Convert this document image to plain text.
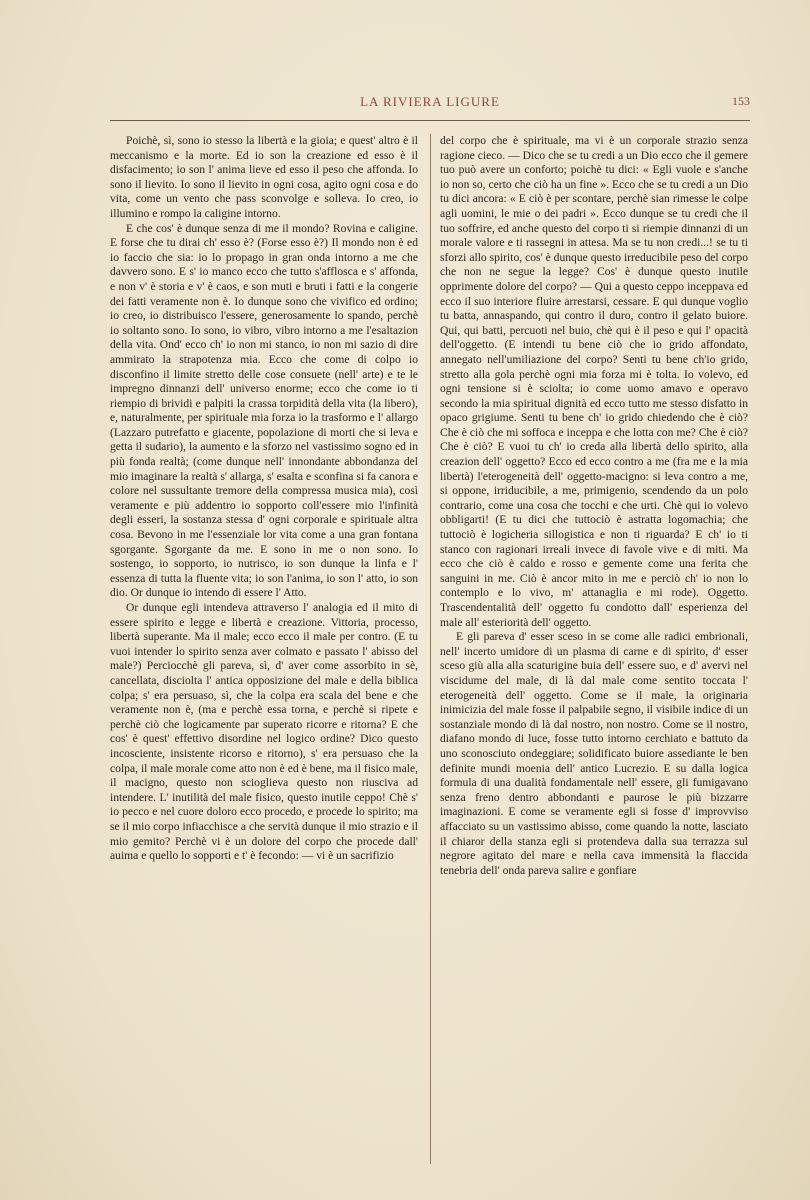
LA RIVIERA LIGURE	153

Poichè, sì, sono io stesso la libertà e la gioia; e quest' altro è il meccanismo e la morte. Ed io son la creazione ed esso è il disfacimento; io son l' anima lieve ed esso il peso che affonda. Io sono il lievito. Io sono il lievito in ogni cosa, agito ogni cosa e do vita, come un vento che pass sconvolge e solleva. Io creo, io illumino e rompo la caligine intorno.

E che cos' è dunque senza di me il mondo? Rovina e caligine. E forse che tu dirai ch' esso è? (Forse esso è?) Il mondo non è ed io faccio che sia: io lo propago in gran onda intorno a me che davvero sono. E s' io manco ecco che tutto s'afflosca e s' affonda, e non v' è storia e v' è caos, e son muti e bruti i fatti e la congerie dei fatti veramente non è. Io dunque sono che vivifico ed ordino; io creo, io distribuisco l'essere, generosamente lo spando, perchè io soltanto sono. Io sono, io vibro, vibro intorno a me l'esaltazion della vita. Ond' ecco ch' io non mi stanco, io non mi sazio di dire ammirato la strapotenza mia. Ecco che come di colpo io disconfino il limite stretto delle cose consuete (nell' arte) e te le impregno dinnanzi dell' universo enorme; ecco che come io ti riempio di brividi e palpiti la crassa torpidità della vita (la libero), e, naturalmente, per spirituale mia forza io la trasformo e l' allargo (Lazzaro putrefatto e giacente, popolazione di morti che si leva e getta il sudario), la aumento e la sforzo nel vastissimo sogno ed in più fonda realtà; (come dunque nell' innondante abbondanza del mio imaginare la realtà s' allarga, s' esalta e sconfina si fa canora e colore nel sussultante tremore della compressa musica mia), così veramente e più addentro io sopporto coll'essere mio l'infinità degli esseri, la sostanza stessa d' ogni corporale e spirituale altra cosa. Bevono in me l'essenziale lor vita come a una gran fontana sgorgante. Sgorgante da me. E sono in me o non sono. Io sostengo, io sopporto, io nutrisco, io son dunque la linfa e l' essenza di tutta la fluente vita; io son l'anima, io son l' atto, io son dio. Or dunque io intendo di essere l' Atto.

Or dunque egli intendeva attraverso l' analogia ed il mito di essere spirito e legge e libertà e creazione. Vittoria, processo, libertà superante. Ma il male; ecco ecco il male per contro. (E tu vuoi intender lo spirito senza aver colmato e passato l' abisso del male?) Perciocchè gli pareva, sì, d' aver come assorbito in sè, cancellata, disciolta l' antica opposizione del male e della biblica colpa; s' era persuaso, sì, che la colpa era scala del bene e che veramente non è, (ma e perchè essa torna, e perchè si ripete e perchè ciò che logicamente par superato ricorre e ritorna? E che cos' è quest' effettivo disordine nel logico ordine? Dico questo incosciente, insistente ricorso e ritorno), s' era persuaso che la colpa, il male morale come atto non è ed è bene, ma il fisico male, il macigno, questo non scioglieva questo non riusciva ad intendere. L' inutilità del male fisico, questo inutile ceppo! Chè s' io pecco e nel cuore doloro ecco procedo, e procede lo spirito; ma se il mio corpo infiacchisce a che servità dunque il mio strazio e il mio gemito? Perchè vi è un dolore del corpo che procede dall' auima e quello lo sopporti e t' è fecondo: — vi è un sacrifizio

del corpo che è spirituale, ma vi è un corporale strazio senza ragione cieco. — Dico che se tu credi a un Dio ecco che il gemere tuo può avere un conforto; poichè tu dici: « Egli vuole e s'anche io non so, certo che ciò ha un fine ». Ecco che se tu credi a un Dio tu dici ancora: « E ciò è per scontare, perchè sian rimesse le colpe agli uomini, le mie o dei padri ». Ecco dunque se tu credi che il tuo soffrire, ed anche questo del corpo ti si riempie dinnanzi di un morale valore e ti rassegni in attesa. Ma se tu non credi...! se tu ti sforzi allo spirito, cos' è dunque questo irreducibile peso del corpo che non ne segue la legge? Cos' è dunque questo inutile opprimente dolore del corpo? — Qui a questo ceppo inceppava ed ecco il suo interiore fluire arrestarsi, cessare. E qui dunque voglio tu batta, annaspando, qui contro il duro, contro il gelato buiore. Qui, qui batti, percuoti nel buio, chè qui è il peso e qui l' opacità dell'oggetto. (E intendi tu bene ciò che io grido affondato, annegato nell'umiliazione del corpo? Senti tu bene ch'io grido, stretto alla gola perchè ogni mia forza mi è tolta. Io volevo, ed ogni tensione si è sciolta; io come uomo amavo e operavo secondo la mia spiritual dignità ed ecco tutto me stesso disfatto in opaco grigiume. Senti tu bene ch' io grido chiedendo che è ciò? Che è ciò che mi soffoca e inceppa e che lotta con me? Che è ciò? Che è ciò? E vuoi tu ch' io creda alla libertà dello spirito, alla creazion dell' oggetto? Ecco ed ecco contro a me (fra me e la mia libertà) l'eterogeneità dell' oggetto-macigno: si leva contro a me, si oppone, irriducibile, a me, primigenio, scendendo da un polo contrario, come una cosa che tocchi e che urti. Chè qui io volevo obbligarti! (E tu dici che tuttociò è astratta logomachia; che tuttociò è logicheria sillogistica e non ti riguarda? E ch' io ti stanco con ragionari irreali invece di favole vive e di miti. Ma ecco che ciò è caldo e rosso e gemente come una ferita che sanguini in me. Ciò è ancor mito in me e perciò ch' io non lo contemplo e lo vivo, m' attanaglia e mi rode). Oggetto. Trascendentalità dell' oggetto fu condotto dall' esperienza del male all' esteriorità dell' oggetto.

E gli pareva d' esser sceso in se come alle radici embrionali, nell' incerto umidore di un plasma di carne e di spirito, d' esser sceso giù alla alla scaturigine buia dell' essere suo, e d' avervi nel viscidume del male, di là dal male come sentito toccata l' eterogeneità dell' oggetto. Come se il male, la originaria inimicizia del male fosse il palpabile segno, il visibile indice di un sostanziale mondo di là dal nostro, non nostro. Come se il nostro, diafano mondo di luce, fosse tutto intorno cerchiato e battuto da uno sconosciuto ondeggiare; solidificato buiore assediante le ben definite mundi moenia dell' antico Lucrezio. E su dalla logica formula di una dualità fondamentale nell' essere, gli fumigavano senza freno dentro abbondanti e paurose le più bizzarre imaginazioni. E come se veramente egli si fosse d' improvviso affacciato su un vastissimo abisso, come quando la notte, lasciato il chiaror della stanza egli si protendeva dalla sua terrazza sul negrore agitato del mare e nella cava immensità la flaccida tenebria dell' onda pareva salire e gonfiare
